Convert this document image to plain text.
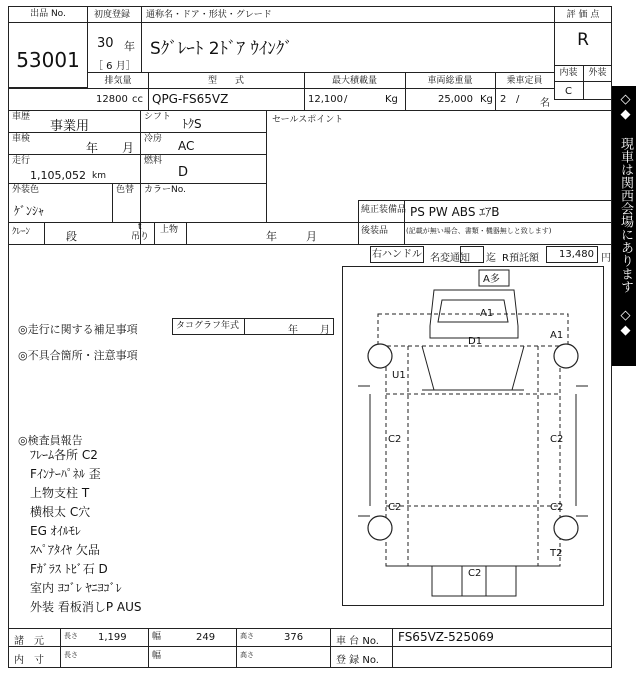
出品 No.
53001
初度登録
30 年
［ 6 月］
通称名・ドア・形状・グレード
Sｸﾞﾚｰﾄ 2ﾄﾞｱ ｳｲﾝｸﾞ
評 価 点
R
内装	外装
C
排気量	型　　式	最大積載量	車両総重量	乗車定員
12800 cc QPG-FS65VZ	12,100 /	Kg	25,000 Kg 2 / 名	◇◆ 現車は関西会場にあります ◇◆
車歴
事業用
シフト ﾄｸS
車検
年 月
冷房 AC
走行
1,105,052 km
燃料
D
外装色
ｹﾞﾝｼｬ
色替 カラーNo.
セールスポイント
純正装備品 PS PW ABS ｴｱB
後装品	(記載が無い場合、書類・機器無しと致します)
ｸﾚｰﾝ	段
t
吊り
上物	年	月
右ハンドル 名変通知 迄 R預託額	13,480 円
◎走行に関する補足事項	タコグラフ年式	年 月
◎不具合箇所・注意事項
◎検査員報告
ﾌﾚｰﾑ各所 C2
Fｲﾝﾅｰﾊﾟﾈﾙ 歪
上物支柱 T
横根太 C穴
EG ｵｲﾙﾓﾚ
ｽﾍﾟｱﾀｲﾔ 欠品
Fｶﾞﾗｽ ﾄﾋﾞ石 D
室内 ﾖｺﾞﾚ ﾔﾆﾖｺﾞﾚ
外装 看板消しP AUS
A多
A1
A1
D1
U1
C2	C2
C2	C2
T2
C2
諸　元	長さ 1,199	幅	249	高さ	376	車 台 No. FS65VZ-525069
内　寸	長さ	幅	高さ	登 録 No.
